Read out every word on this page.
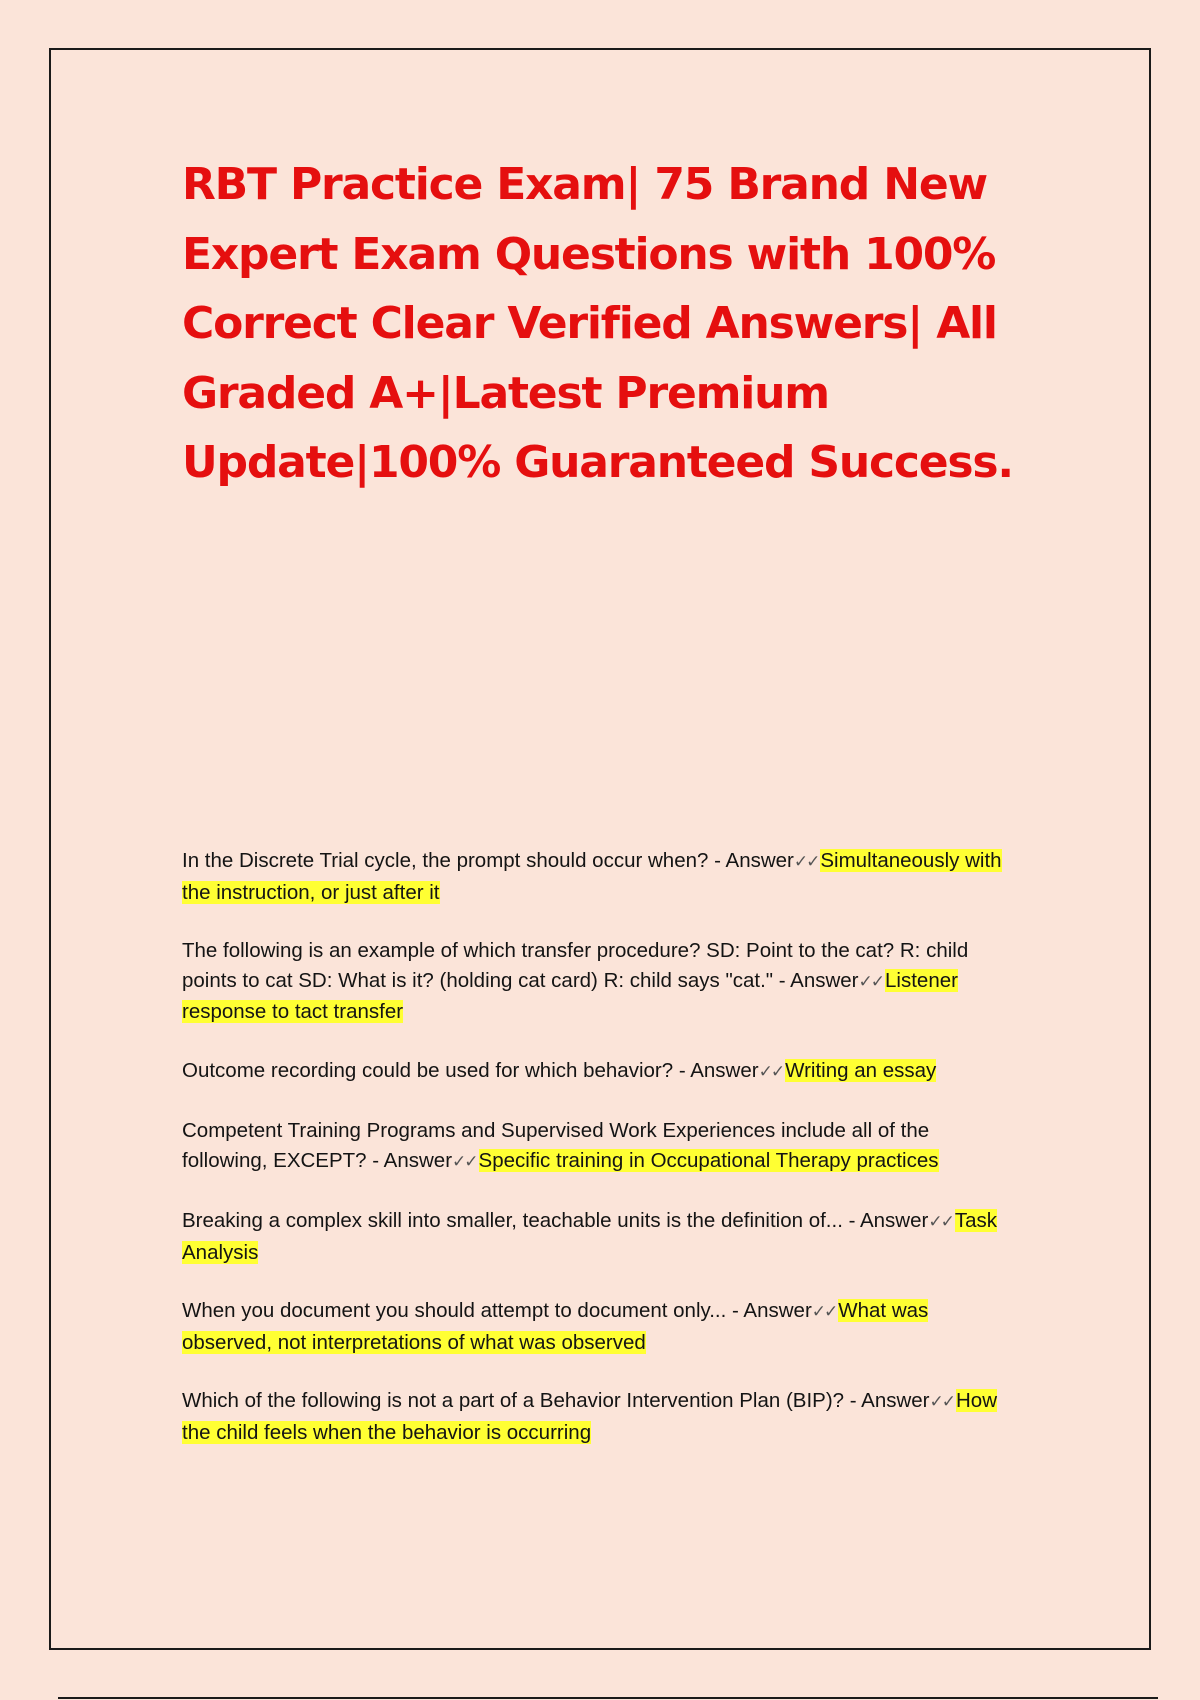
RBT Practice Exam| 75 Brand New Expert Exam Questions with 100% Correct Clear Verified Answers| All Graded A+|Latest Premium Update|100% Guaranteed Success.

In the Discrete Trial cycle, the prompt should occur when? - Answer✓✓Simultaneously with the instruction, or just after it

The following is an example of which transfer procedure? SD: Point to the cat? R: child points to cat SD: What is it? (holding cat card) R: child says "cat." - Answer✓✓Listener response to tact transfer

Outcome recording could be used for which behavior? - Answer✓✓Writing an essay

Competent Training Programs and Supervised Work Experiences include all of the following, EXCEPT? - Answer✓✓Specific training in Occupational Therapy practices

Breaking a complex skill into smaller, teachable units is the definition of... - Answer✓✓Task Analysis

When you document you should attempt to document only... - Answer✓✓What was observed, not interpretations of what was observed

Which of the following is not a part of a Behavior Intervention Plan (BIP)? - Answer✓✓How the child feels when the behavior is occurring
